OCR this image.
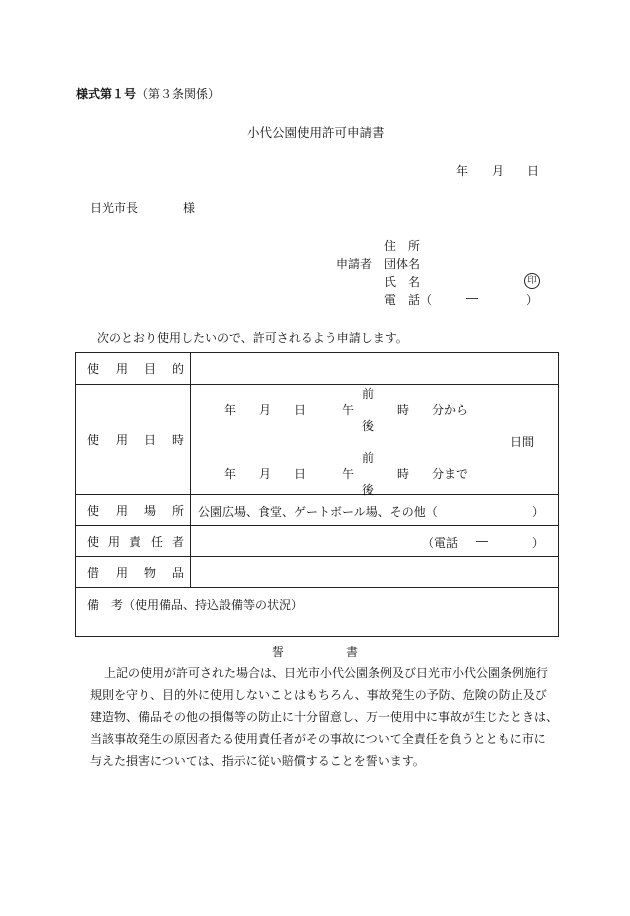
様式第１号（第３条関係）
小代公園使用許可申請書
年 月 日
日光市長	様
住　所
申請者 団体名
氏　名	印
電　話（	―	）
次のとおり使用したいので、許可されるよう申請します。
使 用 目 的
使 用 日 時
前
年 月 日	午	時 分から
後
日間
前
年 月 日	午	時 分まで
後
使 用 場 所 公園広場、食堂、ゲートボール場、その他（	）
使 用 責 任 者	（電話 ―	）
借 用 物 品
備　考（使用備品、持込設備等の状況）
誓	書
上記の使用が許可された場合は、日光市小代公園条例及び日光市小代公園条例施行
規則を守り、目的外に使用しないことはもちろん、事故発生の予防、危険の防止及び
建造物、備品その他の損傷等の防止に十分留意し、万一使用中に事故が生じたときは、
当該事故発生の原因者たる使用責任者がその事故について全責任を負うとともに市に
与えた損害については、指示に従い賠償することを誓います。
